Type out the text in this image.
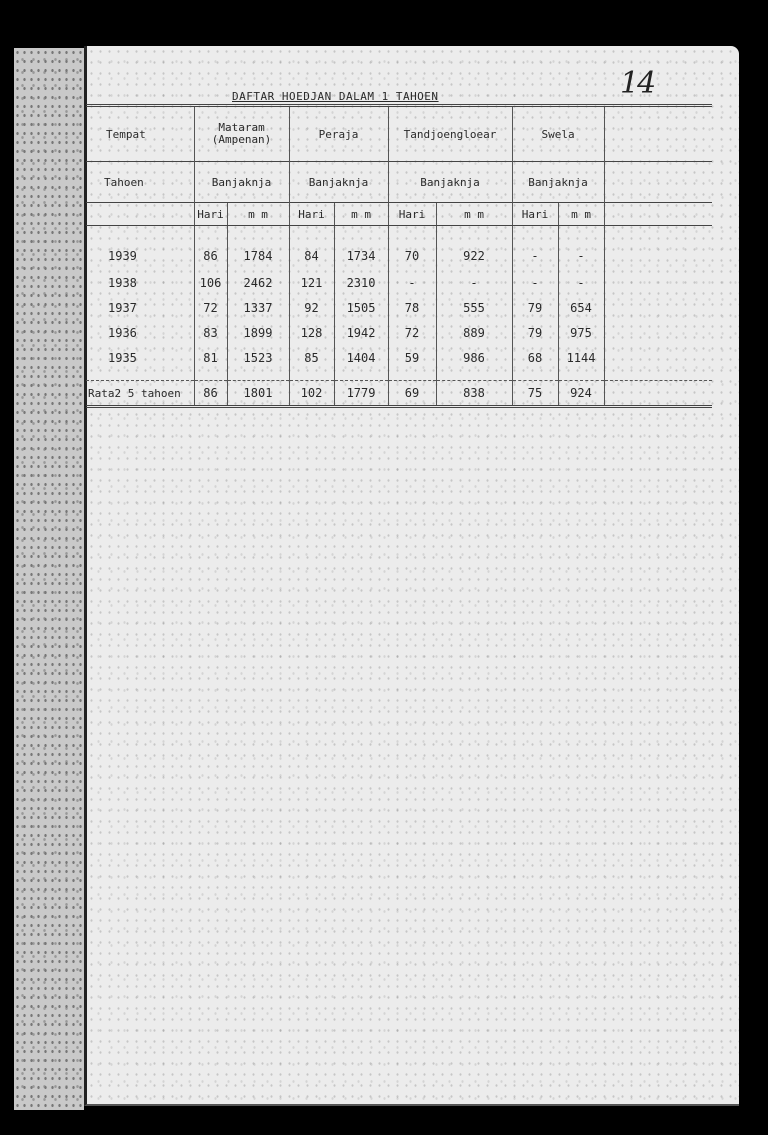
14
DAFTAR HOEDJAN DALAM 1 TAHOEN
Tempat	Mataram
(Ampenan)		Peraja		Tandjoengloear		Swela		
Tahoen	Banjaknja		Banjaknja		Banjaknja		Banjaknja		
	Hari	m m	Hari	m m	Hari	m m	Hari	m m	
1939	86	1784	84	1734	70	922	-	-	
1938	106	2462	121	2310	-	-	-	-	
1937	72	1337	92	1505	78	555	79	654	
1936	83	1899	128	1942	72	889	79	975	
1935	81	1523	85	1404	59	986	68	1144	
Rata2 5 tahoen	86	1801	102	1779	69	838	75	924	
